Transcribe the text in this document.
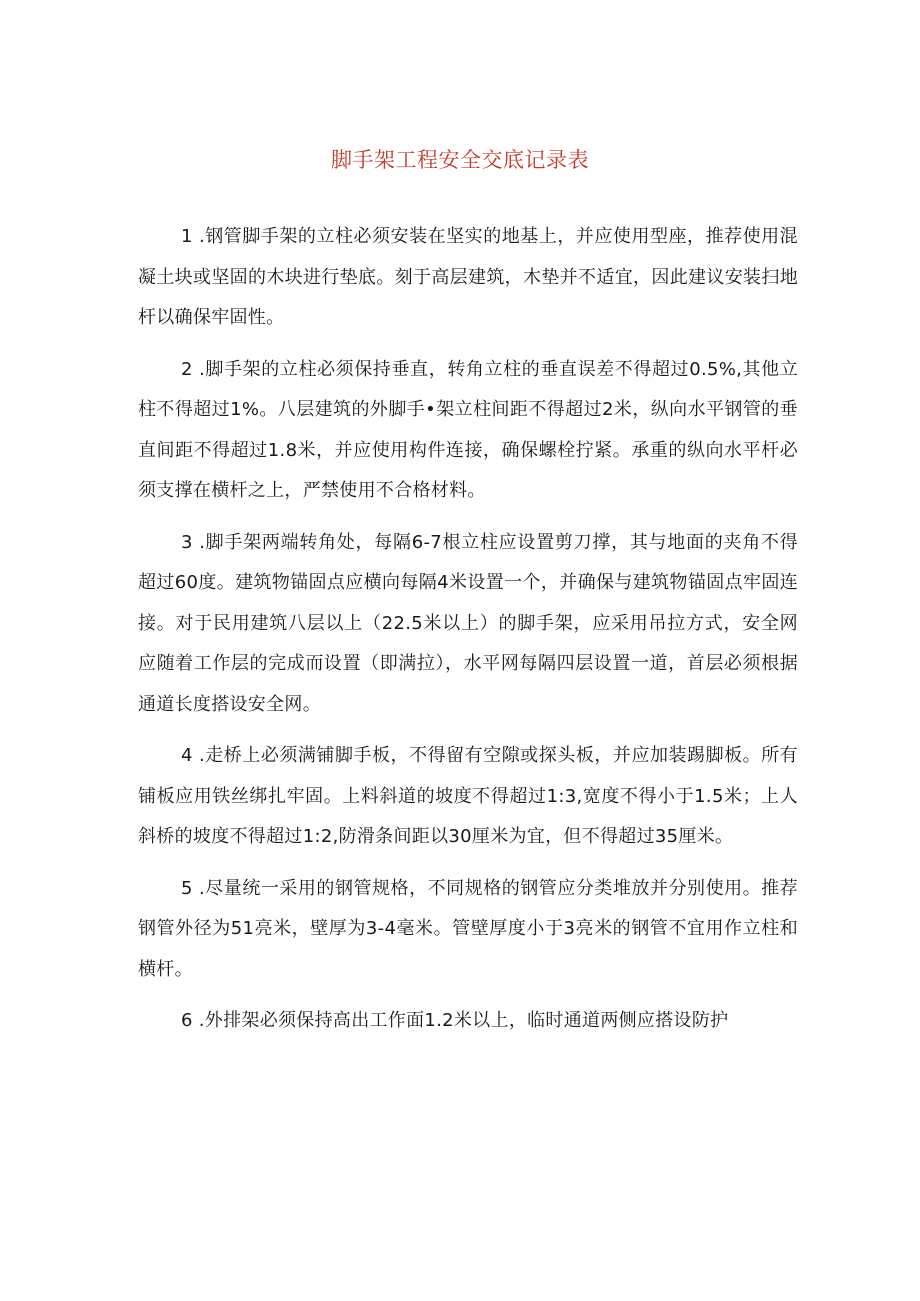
脚手架工程安全交底记录表

1 .钢管脚手架的立柱必须安装在坚实的地基上，并应使用型座，推荐使用混凝土块或坚固的木块进行垫底。刻于高层建筑，木垫并不适宜，因此建议安装扫地杆以确保牢固性。

2 .脚手架的立柱必须保持垂直，转角立柱的垂直误差不得超过0.5%,其他立柱不得超过1%。八层建筑的外脚手•架立柱间距不得超过2米，纵向水平钢管的垂直间距不得超过1.8米，并应使用构件连接，确保螺栓拧紧。承重的纵向水平杆必须支撑在横杆之上，严禁使用不合格材料。

3 .脚手架两端转角处，每隔6-7根立柱应设置剪刀撑，其与地面的夹角不得超过60度。建筑物锚固点应横向每隔4米设置一个，并确保与建筑物锚固点牢固连接。对于民用建筑八层以上（22.5米以上）的脚手架，应采用吊拉方式，安全网应随着工作层的完成而设置（即满拉），水平网每隔四层设置一道，首层必须根据通道长度搭设安全网。

4 .走桥上必须满铺脚手板，不得留有空隙或探头板，并应加装踢脚板。所有铺板应用铁丝绑扎牢固。上料斜道的坡度不得超过1:3,宽度不得小于1.5米；上人斜桥的坡度不得超过1:2,防滑条间距以30厘米为宜，但不得超过35厘米。

5 .尽量统一采用的钢管规格，不同规格的钢管应分类堆放并分别使用。推荐钢管外径为51亮米，壁厚为3-4毫米。管壁厚度小于3亮米的钢管不宜用作立柱和横杆。

6 .外排架必须保持高出工作面1.2米以上，临时通道两侧应搭设防护
